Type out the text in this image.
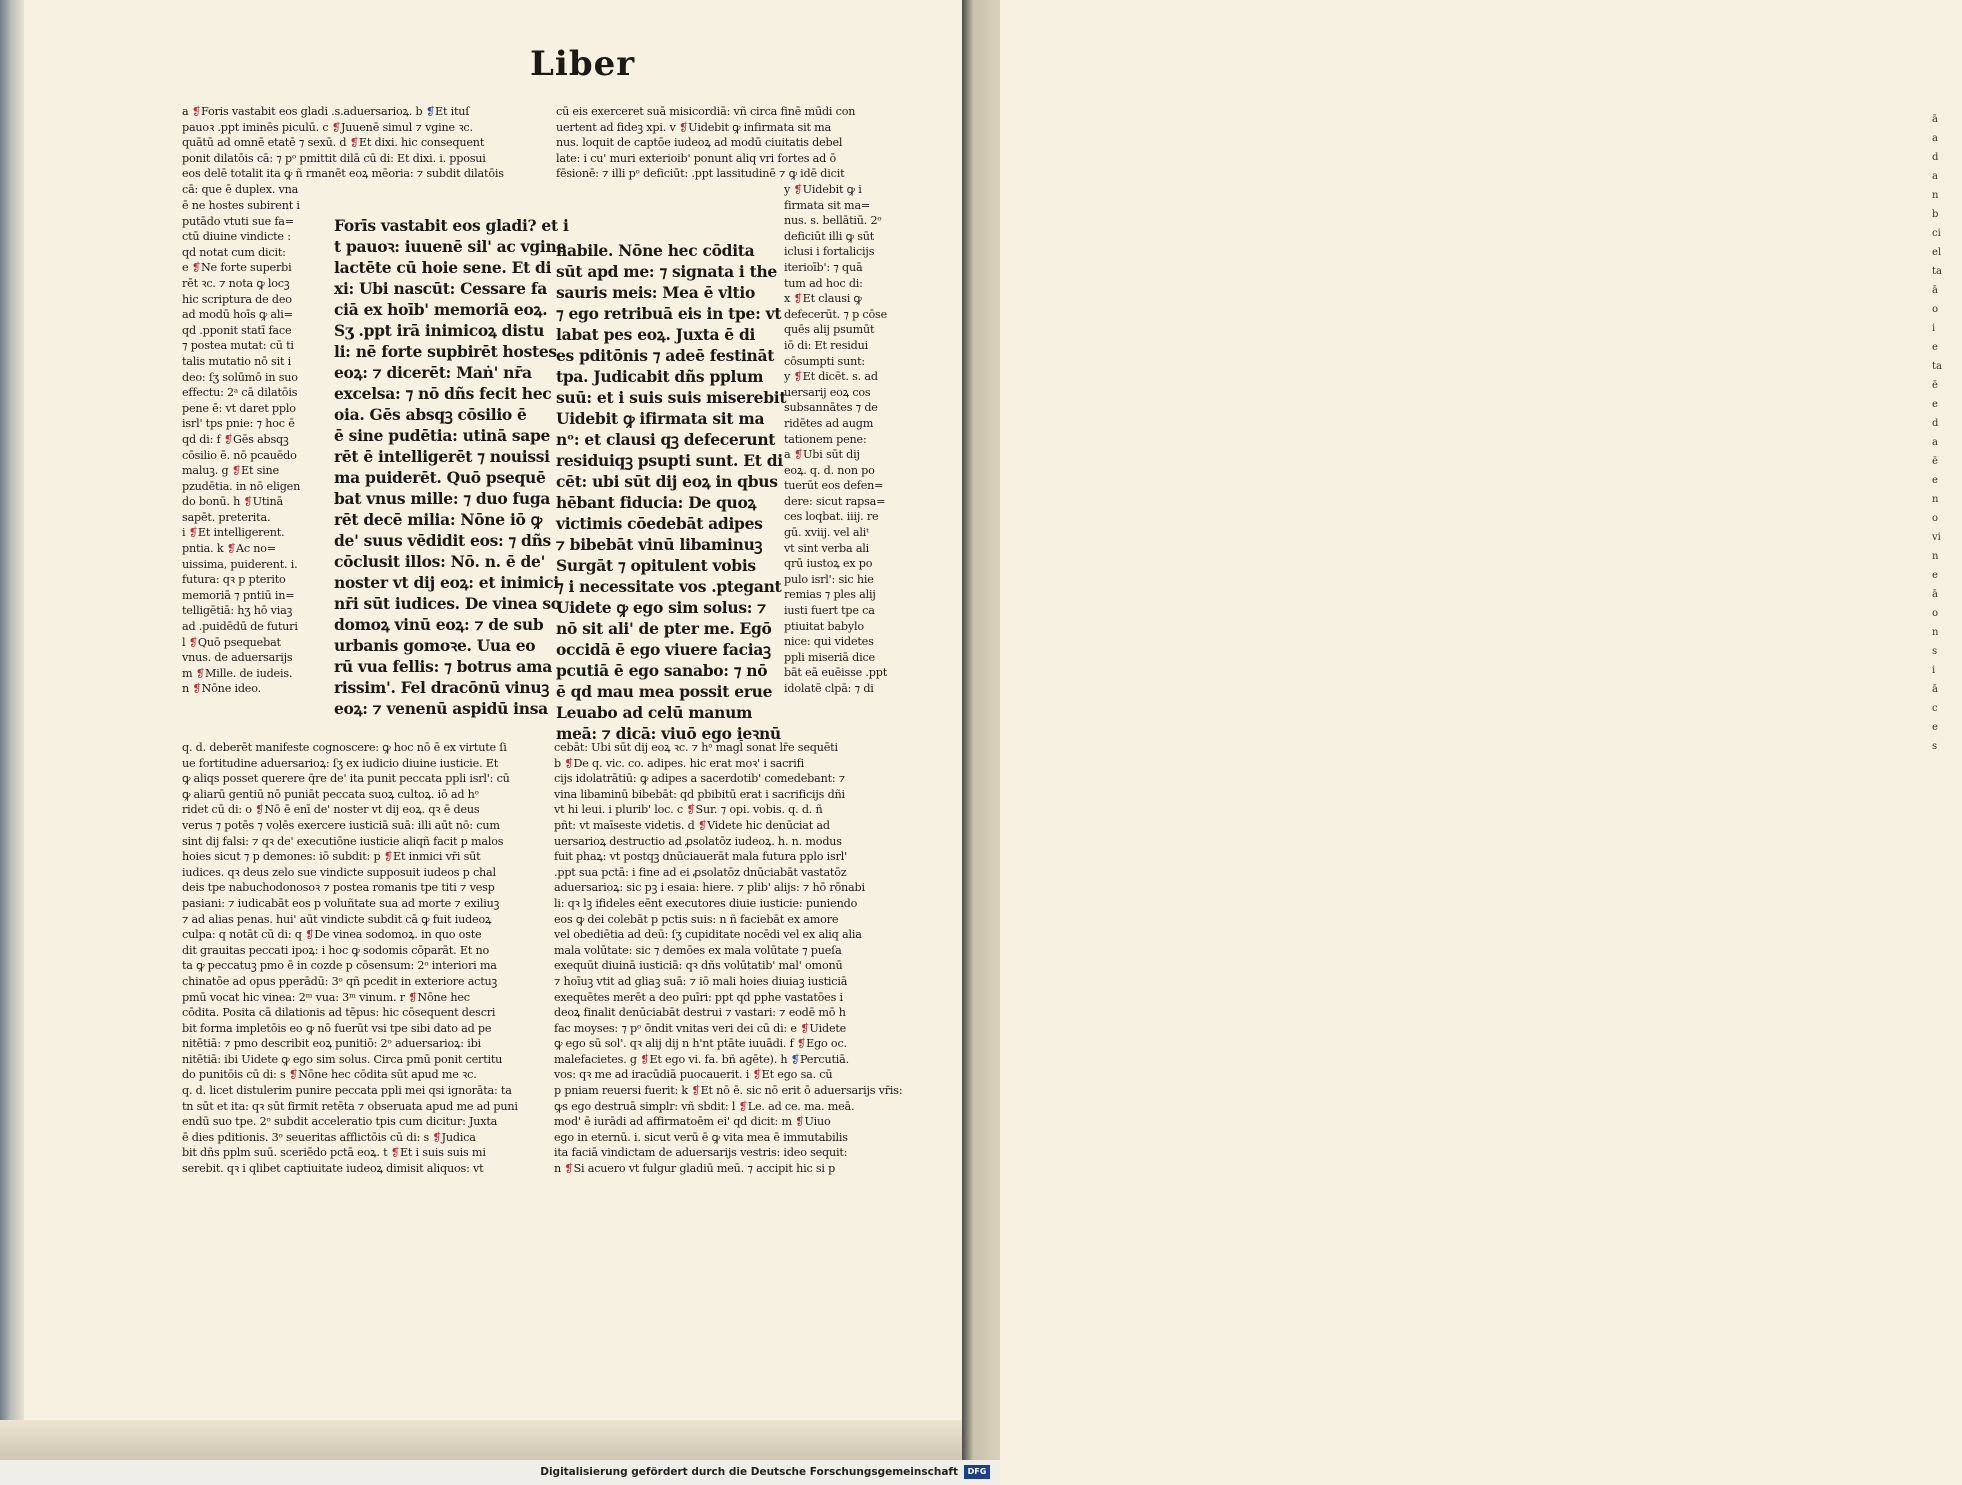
ā
a
d
a
n
b
ci
el
ta
ā
o
i
e
ta
ē
e
d
a
ē
e
n
o
vi
n
e
ā
o
n
s
i
ā
c
e
s
Liber
a ❡Foris vastabit eos gladi .s.aduersarioꝝ. b ❡Et ituſ
pauoꝛ .ppt iminēs piculū. c ❡Juuenē simul ⁊ vgine ꝛc.
quātū ad omnē etatē ⁊ sexū. d ❡Et dixi. hic consequent
ponit dilatōis cā: ⁊ pᵒ pmittit dilā cū di: Et dixi. i. pposui
eos delē totalit ita ꝙ ñ rmanēt eoꝝ mēoria: ⁊ subdit dilatōis
cā: que ē duplex. vna
ē ne hostes subirent i
putādo vtuti sue fa=
ctū diuine vindicte :
qd notat cum dicit:
e ❡Ne forte superbi
rēt ꝛc. ⁊ nota ꝙ locꝫ
hic scriptura de deo
ad modū hoīs ꝙ ali=
qd .pponit statī face
⁊ postea mutat: cū ti
talis mutatio nō sit i
deo: ſʒ solūmō in suo
effectu: 2ᵃ cā dilatōis
pene ē: vt daret pplo
isrl' tps pnie: ⁊ hoc ē
qd di: f ❡Gēs absqꝫ
cōsilio ē. nō pcauēdo
maluꝫ. g ❡Et sine
pzudētia. in nō eligen
do bonū. h ❡Utinā
sapēt. preterita.
i ❡Et intelligerent.
pntia. k ❡Ac no=
uissima, puiderent. i.
futura: qꝛ p pterito
memoriā ⁊ pntiū in=
telligētiā: hʒ hō viaꝫ
ad .puidēdū de futuri
l ❡Quō psequebat
vnus. de aduersarijs
m ❡Mille. de iudeis.
n ❡Nōne ideo.
Forīs vastabit eos gladi? et i
t pauoꝛ: iuuenē sil' ac vgine
lactēte cū hoie sene. Et di
xi: Ubi nascūt: Cessare fa
ciā ex hoīb' memoriā eoꝝ.
Sʒ .ppt irā inimicoꝝ distu
li: nē forte supbirēt hostes
eoꝝ: ⁊ dicerēt: Maṅ' nr̄a
excelsa: ⁊ nō dñs fecit hec
oia. Gēs absqꝫ cōsilio ē
ē sine pudētia: utinā sape
rēt ē intelligerēt ⁊ nouissi
ma puiderēt. Quō psequē
bat vnus mille: ⁊ duo fuga
rēt decē milia: Nōne iō ꝙ
de' suus vēdidit eos: ⁊ dñs
cōclusit illos: Nō. n. ē de'
noster vt dij eoꝝ: et inimici
nr̄i sūt iudices. De vinea so
domoꝝ vinū eoꝝ: ⁊ de sub
urbanis gomoꝛe. Uua eo
rū vua fellis: ⁊ botrus ama
rissim'. Fel dracōnū vinuꝫ
eoꝝ: ⁊ venenū aspidū insa
nabile. Nōne hec cōdita
sūt apd me: ⁊ signata i the
sauris meis: Mea ē vltio
⁊ ego retribuā eis in tpe: vt
labat pes eoꝝ. Juxta ē di
es pditōnis ⁊ adeē festināt
tpa. Judicabit dñs pplum
suū: et i suis suis miserebit
Uidebit ꝙ ifirmata sit ma
nᵒ: et clausi qꝫ defecerunt
residuiqꝫ psupti sunt. Et di
cēt: ubi sūt dij eoꝝ in qbus
hēbant fiducia: De quoꝝ
victimis cōedebāt adipes
⁊ bibebāt vinū libaminuꝫ
Surgāt ⁊ opitulent vobis
⁊ i necessitate vos .ptegant
Uidete ꝙ ego sim solus: ⁊
nō sit ali' de pter me. Egō
occidā ē ego viuere faciaꝫ
pcutiā ē ego sanabo: ⁊ nō
ē qd mau mea possit erue
Leuabo ad celū manum
meā: ⁊ dicā: viuō ego ieꝛnū
cū eis exerceret suā misicordiā: vñ circa finē mūdi con
uertent ad fideꝫ xpi. v ❡Uidebit ꝙ infirmata sit ma
nus. loquit de captōe iudeoꝝ ad modū ciuitatis debel
late: i cu' muri exterioib' ponunt aliq vri fortes ad ō
fēsionē: ⁊ illi pᵒ deficiūt: .ppt lassitudinē ⁊ ꝙ idē dicit
y ❡Uidebit ꝙ i
firmata sit ma=
nus. s. bellātiū. 2ᵒ
deficiūt illi ꝙ sūt
iclusi i fortalicijs
iterioīb': ⁊ quā
tum ad hoc di:
x ❡Et clausi ꝙ
defecerūt. ⁊ p cōse
quēs alij psumūt
iō di: Et residui
cōsumpti sunt:
y ❡Et dicēt. s. ad
uersarij eoꝝ cos
subsannātes ⁊ de
ridētes ad augm
tationem pene:
a ❡Ubi sūt dij
eoꝝ. q. d. non po
tuerūt eos defen=
dere: sicut rapsa=
ces loqbat. iiij. re
gū. xviij. vel aliᵗ
vt sint verba ali
qrū iustoꝝ ex po
pulo isrl': sic hie
remias ⁊ ples alij
iusti fuert tpe ca
ptiuitat babylo
nice: qui videtes
ppli miseriā dice
bāt eā euēisse .ppt
idolatē clpā: ⁊ di
q. d. deberēt manifeste cognoscere: ꝙ hoc nō ē ex virtute ſi
ue fortitudine aduersarioꝝ: ſʒ ex iudicio diuine iusticie. Et
ꝙ aliqs posset querere q̄re de' ita punit peccata ppli isrl': cū
ꝙ aliarū gentiū nō puniāt peccata suoꝝ cultoꝝ. iō ad hᵒ
ridet cū di: o ❡Nō ē enī de' noster vt dij eoꝝ. qꝛ ē deus
verus ⁊ potēs ⁊ volēs exercere iusticiā suā: illi aūt nō: cum
sint dij falsi: ⁊ qꝛ de' executiōne iusticie aliqñ facit p malos
hoies sicut ⁊ p demones: iō subdit: p ❡Et inmici vr̄i sūt
iudices. qꝛ deus zelo sue vindicte supposuit iudeos p chal
deis tpe nabuchodonosoꝛ ⁊ postea romanis tpe titi ⁊ vesp
pasiani: ⁊ iudicabāt eos p voluñtate sua ad morte ⁊ exiliuꝫ
⁊ ad alias penas. hui' aūt vindicte subdit cā ꝙ fuit iudeoꝝ
culpa: q notāt cū di: q ❡De vinea sodomoꝝ. in quo oste
dit grauitas peccati ipoꝝ: i hoc ꝙ sodomis cōparāt. Et no
ta ꝙ peccatuꝫ pmo ē in cozde p cōsensum: 2ᵒ interiori ma
chinatōe ad opus pperādū: 3ᵒ qñ pcedit in exteriore actuꝫ
pmū vocat hic vinea: 2ᵐ vua: 3ᵐ vinum. r ❡Nōne hec
cōdita. Posita cā dilationis ad tēpus: hic cōsequent descri
bit forma impletōis eo ꝙ nō fuerūt vsi tpe sibi dato ad pe
nitētiā: ⁊ pmo describit eoꝝ punitiō: 2ᵒ aduersarioꝝ: ibi
nitētiā: ibi Uidete ꝙ ego sim solus. Circa pmū ponit certitu
do punitōis cū di: s ❡Nōne hec cōdita sūt apud me ꝛc.
q. d. licet distulerim punire peccata ppli mei qsi ignorāta: ta
tn sūt et ita: qꝛ sūt firmit retēta ⁊ obseruata apud me ad puni
endū suo tpe. 2ᵒ subdit acceleratio tpis cum dicitur: Juxta
ē dies pditionis. 3ᵒ seueritas afflictōis cū di: s ❡Judica
bit dñs pplm suū. sceriēdo pctā eoꝝ. t ❡Et i suis suis mi
serebit. qꝛ i qlibet captiuitate iudeoꝝ dimisit aliquos: vt
cebāt: Ubi sūt dij eoꝝ ꝛc. ⁊ hᵒ magl̄ sonat lr̄e sequēti
b ❡De q. vic. co. adipes. hic erat moꝛ' i sacrifi
cijs idolatrātiū: ꝙ adipes a sacerdotib' comedebant: ⁊
vina libaminū bibebāt: qd pbibitū erat i sacrificijs dñi
vt hi leui. i plurib' loc. c ❡Sur. ⁊ opi. vobis. q. d. ñ
pñt: vt maīseste videtis. d ❡Videte hic denūciat ad
uersarioꝝ destructio ad ꝓsolatōz iudeoꝝ. h. n. modus
fuit phaꝝ: vt postqꝫ dnūciauerāt mala futura pplo isrl'
.ppt sua pctā: i fine ad ei ꝓsolatōz dnūciabāt vastatōz
aduersarioꝝ: sic pꝫ i esaia: hiere. ⁊ plib' alijs: ⁊ hō rōnabi
li: qꝛ lꝫ ifideles eēnt executores diuie iusticie: puniendo
eos ꝙ dei colebāt p pctis suis: n ñ faciebāt ex amore
vel obediētia ad deū: ſʒ cupiditate nocēdi vel ex aliq alia
mala volūtate: sic ⁊ demōes ex mala volūtate ⁊ pueſa
exequūt diuinā iusticiā: qꝛ dñs volūtatib' mal' omonū
⁊ hoīuꝫ vtit ad gliaꝫ suā: ⁊ iō mali hoies diuiaꝫ iusticiā
exequētes merēt a deo puīri: ppt qd pphe vastatōes i
deoꝝ finalit denūciabāt destrui ⁊ vastari: ⁊ eodē mō h
fac moyses: ⁊ pᵒ ōndit vnitas veri dei cū di: e ❡Uidete
ꝙ ego sū sol'. qꝛ alij dij n h'nt ptāte iuuādi. f ❡Ego oc.
malefacietes. g ❡Et ego vi. fa. bñ agēte). h ❡Percutiā.
vos: qꝛ me ad iracūdiā puocauerit. i ❡Et ego sa. cū
p pniam reuersi fuerit: k ❡Et nō ē. sic nō erit ō aduersarijs vr̄is:
ꝙs ego destruā simplr: vñ sbdit: l ❡Le. ad ce. ma. meā.
mod' ē iurādi ad affirmatoēm ei' qd dicit: m ❡Uiuo
ego in eternū. i. sicut verū ē ꝙ vita mea ē immutabilis
ita faciā vindictam de aduersarijs vestris: ideo sequit:
n ❡Si acuero vt fulgur gladiū meū. ⁊ accipit hic si p
Digitalisierung gefördert durch die Deutsche Forschungsgemeinschaft	DFG
